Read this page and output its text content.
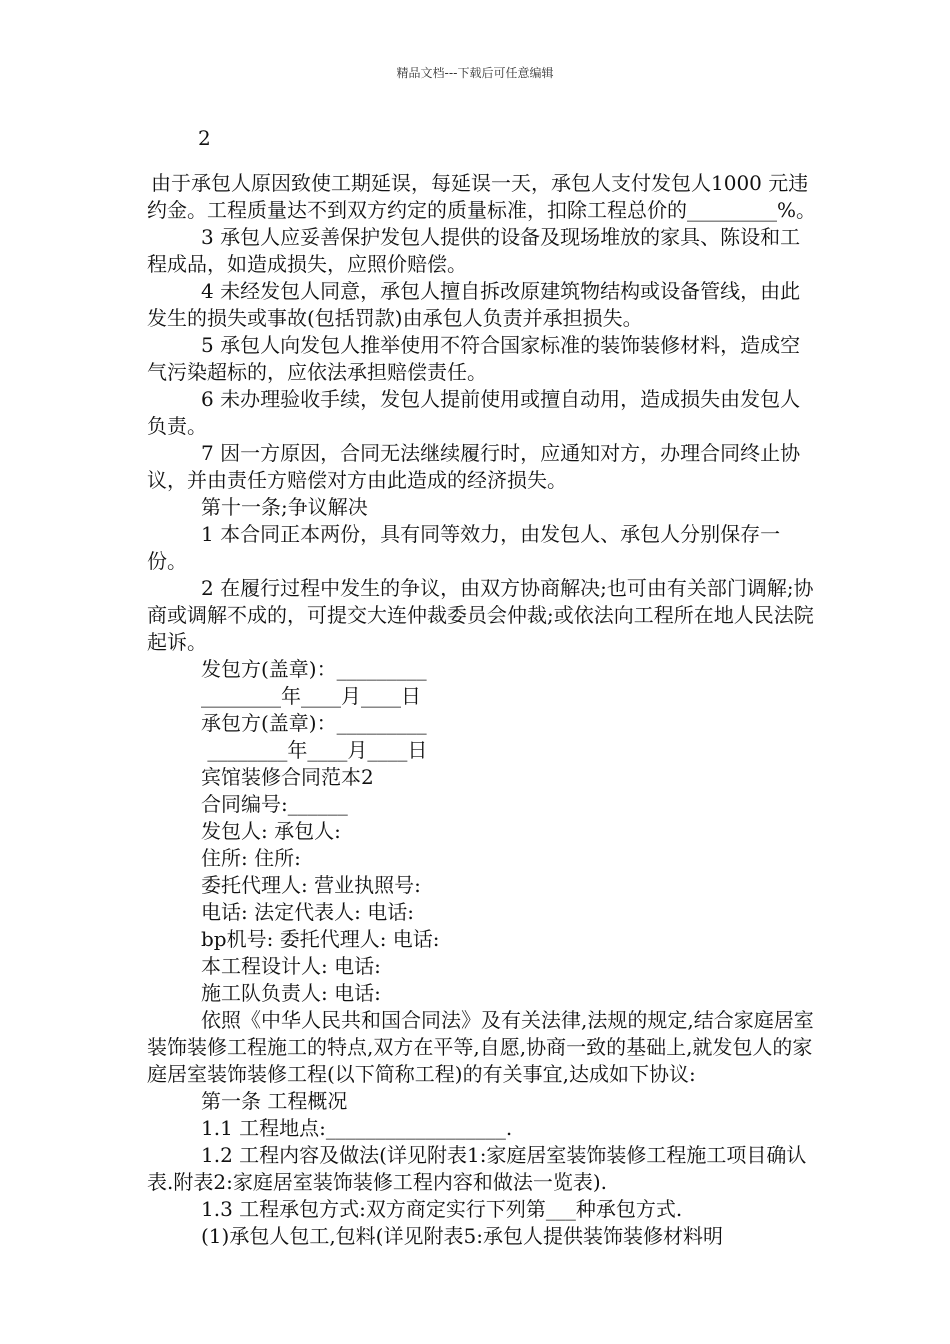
精品文档---下载后可任意编辑
2

由于承包人原因致使工期延误，每延误一天，承包人支付发包人1000 元违约金。工程质量达不到双方约定的质量标准，扣除工程总价的_________%。

3 承包人应妥善保护发包人提供的设备及现场堆放的家具、陈设和工程成品，如造成损失，应照价赔偿。

4 未经发包人同意，承包人擅自拆改原建筑物结构或设备管线，由此发生的损失或事故(包括罚款)由承包人负责并承担损失。

5 承包人向发包人推举使用不符合国家标准的装饰装修材料，造成空气污染超标的，应依法承担赔偿责任。

6 未办理验收手续，发包人提前使用或擅自动用，造成损失由发包人负责。

7 因一方原因，合同无法继续履行时，应通知对方，办理合同终止协议，并由责任方赔偿对方由此造成的经济损失。

第十一条;争议解决

1 本合同正本两份，具有同等效力，由发包人、承包人分别保存一份。

2 在履行过程中发生的争议，由双方协商解决;也可由有关部门调解;协商或调解不成的，可提交大连仲裁委员会仲裁;或依法向工程所在地人民法院起诉。

发包方(盖章)：_________

________年____月____日

承包方(盖章)：_________

________年____月____日

宾馆装修合同范本2

合同编号:______

发包人: 承包人:

住所: 住所:

委托代理人: 营业执照号:

电话: 法定代表人: 电话:

bp机号: 委托代理人: 电话:

本工程设计人: 电话:

施工队负责人: 电话:

依照《中华人民共和国合同法》及有关法律,法规的规定,结合家庭居室装饰装修工程施工的特点,双方在平等,自愿,协商一致的基础上,就发包人的家庭居室装饰装修工程(以下简称工程)的有关事宜,达成如下协议:

第一条 工程概况

1.1 工程地点:__________________.

1.2 工程内容及做法(详见附表1:家庭居室装饰装修工程施工项目确认表.附表2:家庭居室装饰装修工程内容和做法一览表).

1.3 工程承包方式:双方商定实行下列第___种承包方式.

(1)承包人包工,包料(详见附表5:承包人提供装饰装修材料明
